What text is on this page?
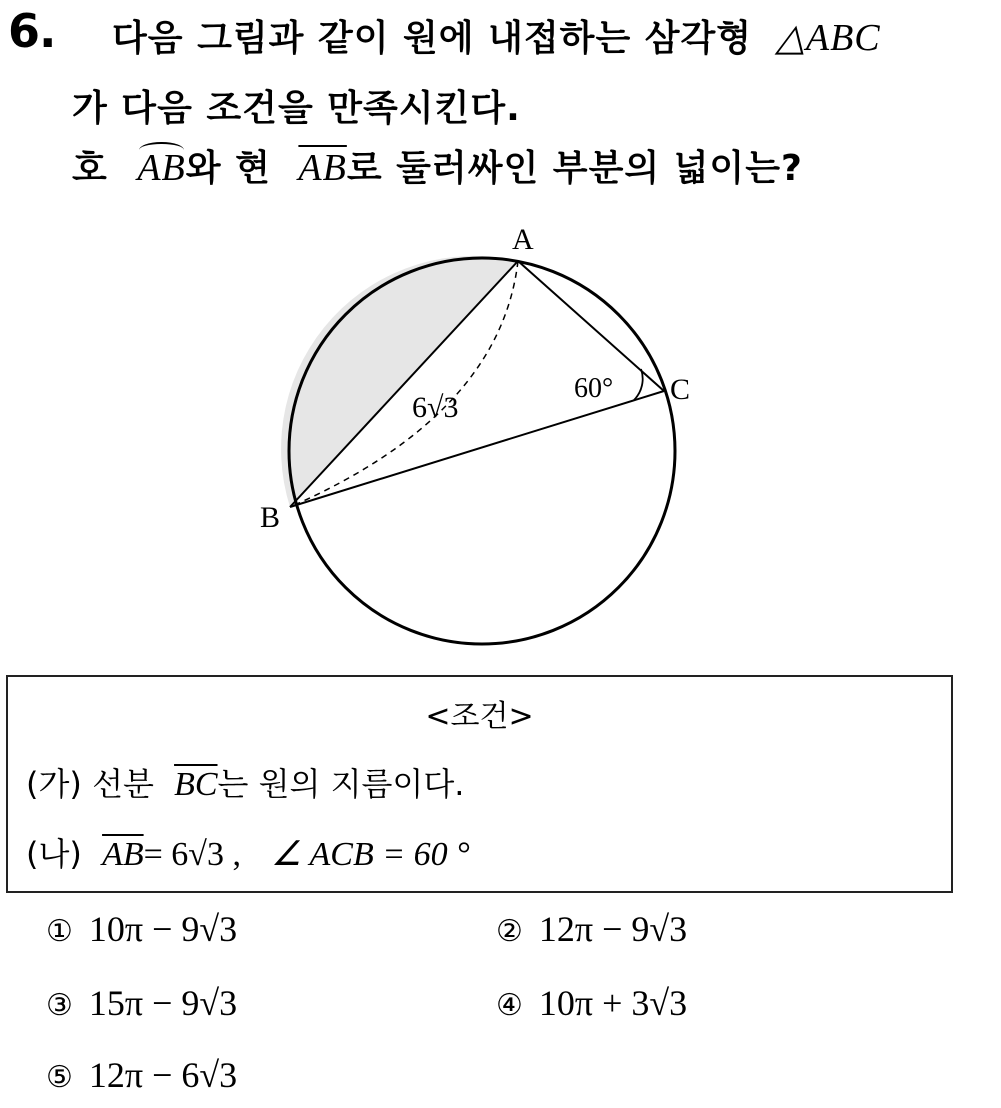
6. 다음 그림과 같이 원에 내접하는 삼각형 △ABC
가 다음 조건을 만족시킨다.
호 AB와 현 $\overline{AB}$로 둘러싸인 부분의 넓이는?
A
B
C
6√3
60°
<조건>
(가) 선분 $\overline{BC}$는 원의 지름이다.
(나) $\overline{AB}= 6√3$ , ∠ ACB = 60 °
① 10π − 9√3	② 12π − 9√3
③ 15π − 9√3	④ 10π + 3√3
⑤ 12π − 6√3
